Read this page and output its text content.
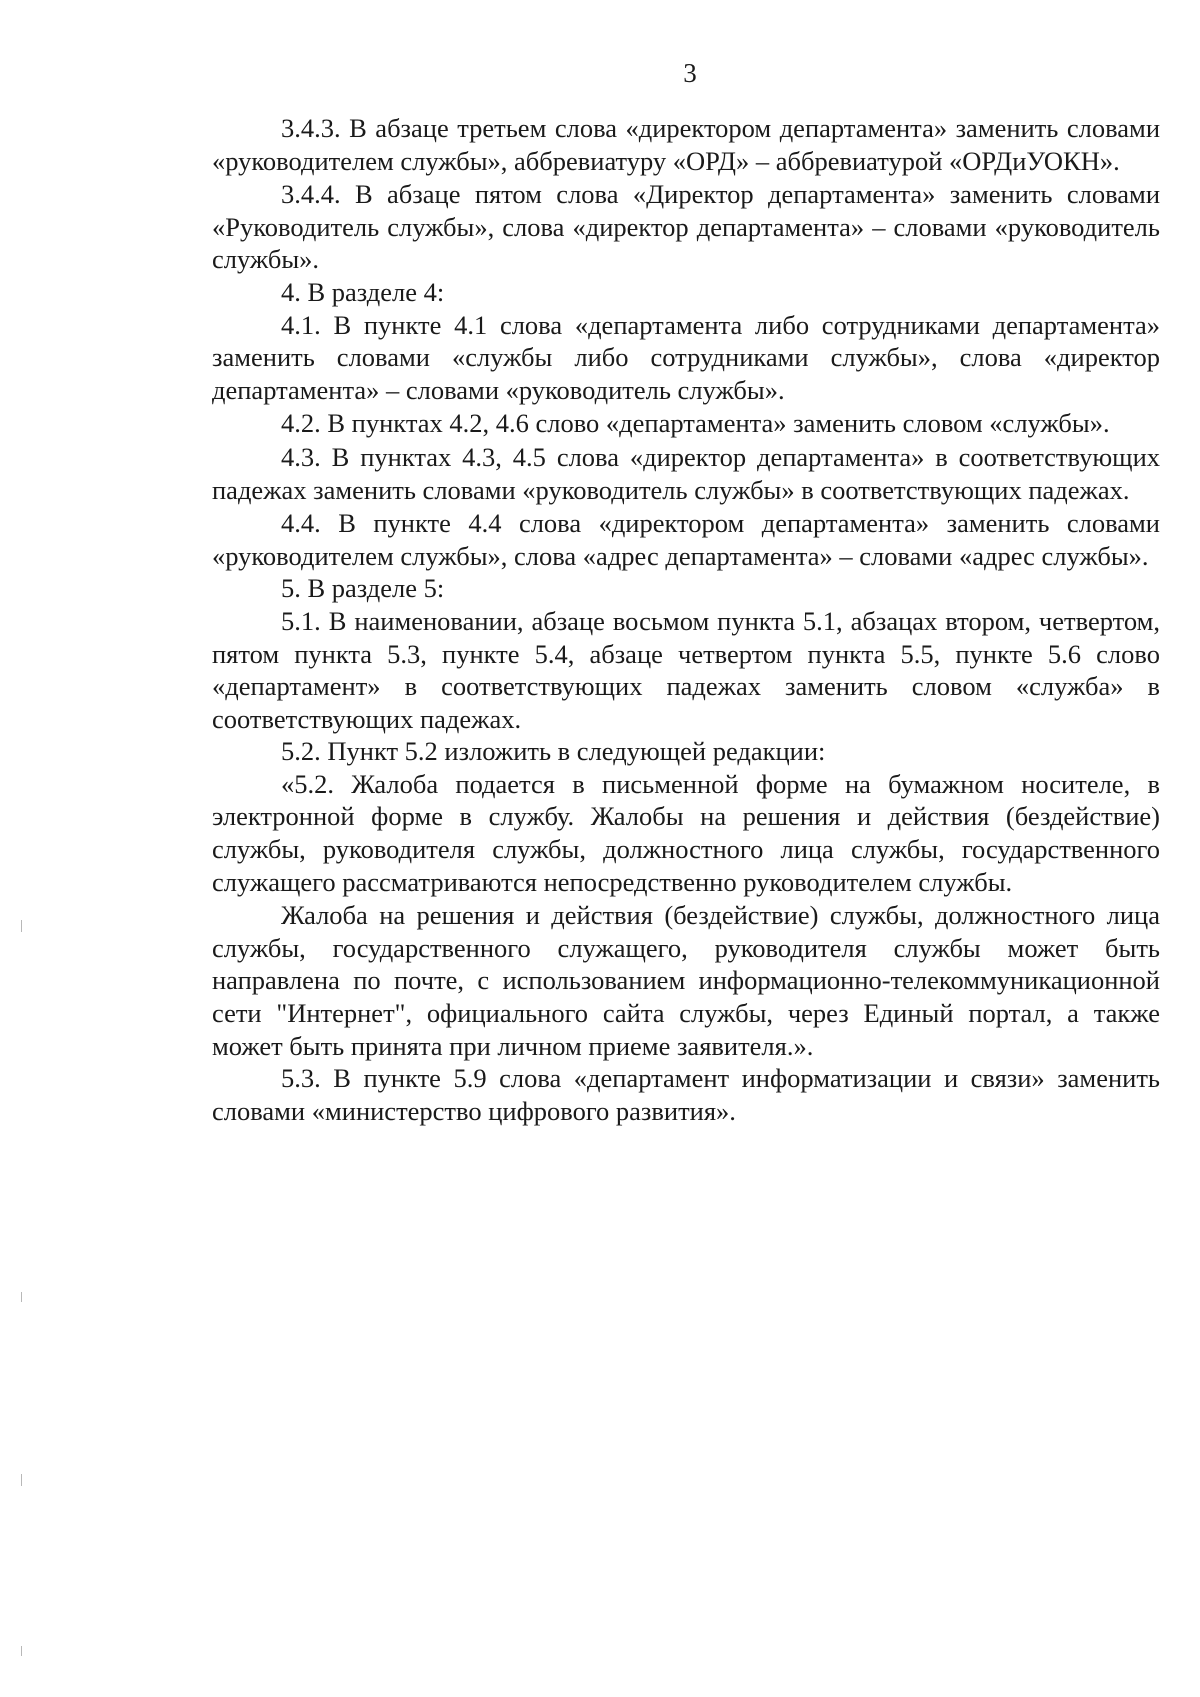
3

3.4.3. В абзаце третьем слова «директором департамента» заменить словами «руководителем службы», аббревиатуру «ОРД» – аббревиатурой «ОРДиУОКН».

3.4.4. В абзаце пятом слова «Директор департамента» заменить словами «Руководитель службы», слова «директор департамента» – словами «руководитель службы».

4. В разделе 4:

4.1. В пункте 4.1 слова «департамента либо сотрудниками департамента» заменить словами «службы либо сотрудниками службы», слова «директор департамента» – словами «руководитель службы».

4.2. В пунктах 4.2, 4.6 слово «департамента» заменить словом «службы».

4.3. В пунктах 4.3, 4.5 слова «директор департамента» в соответствующих падежах заменить словами «руководитель службы» в соответствующих падежах.

4.4. В пункте 4.4 слова «директором департамента» заменить словами «руководителем службы», слова «адрес департамента» – словами «адрес службы».

5. В разделе 5:

5.1. В наименовании, абзаце восьмом пункта 5.1, абзацах втором, четвертом, пятом пункта 5.3, пункте 5.4, абзаце четвертом пункта 5.5, пункте 5.6 слово «департамент» в соответствующих падежах заменить словом «служба» в соответствующих падежах.

5.2. Пункт 5.2 изложить в следующей редакции:

«5.2. Жалоба подается в письменной форме на бумажном носителе, в электронной форме в службу. Жалобы на решения и действия (бездействие) службы, руководителя службы, должностного лица службы, государственного служащего рассматриваются непосредственно руководителем службы.

Жалоба на решения и действия (бездействие) службы, должностного лица службы, государственного служащего, руководителя службы может быть направлена по почте, с использованием информационно-телекоммуникационной сети "Интернет", официального сайта службы, через Единый портал, а также может быть принята при личном приеме заявителя.».

5.3. В пункте 5.9 слова «департамент информатизации и связи» заменить словами «министерство цифрового развития».
